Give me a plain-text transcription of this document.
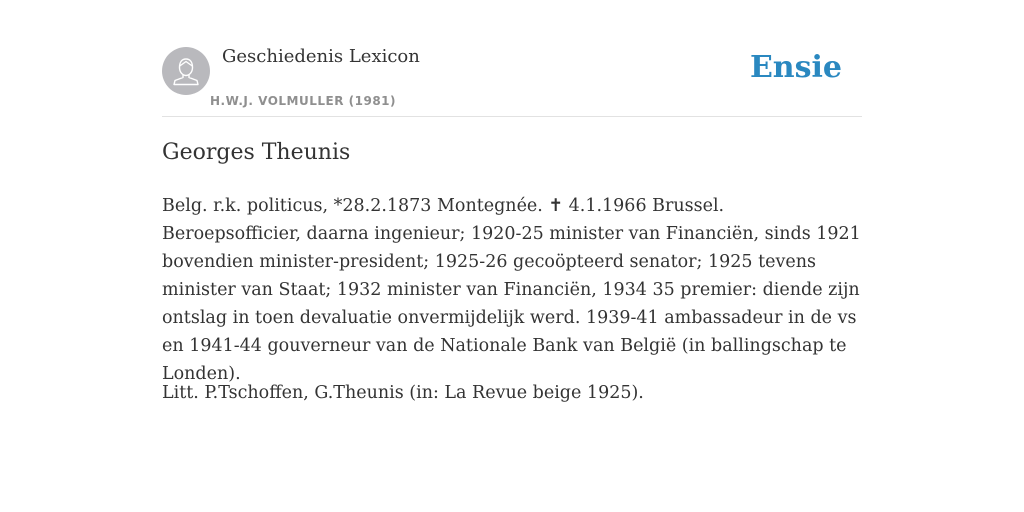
Geschiedenis Lexicon
H.W.J. VOLMULLER (1981)
Ensie
Georges Theunis

Belg. r.k. politicus, *28.2.1873 Montegnée. ✝ 4.1.1966 Brussel. Beroepsofficier, daarna ingenieur; 1920-25 minister van Financiën, sinds 1921 bovendien minister-president; 1925-26 gecoöpteerd senator; 1925 tevens minister van Staat; 1932 minister van Financiën, 1934 35 premier: diende zijn ontslag in toen devaluatie onvermijdelijk werd. 1939-41 ambassadeur in de vs en 1941-44 gouverneur van de Nationale Bank van België (in ballingschap te Londen).

Litt. P.Tschoffen, G.Theunis (in: La Revue beige 1925).
